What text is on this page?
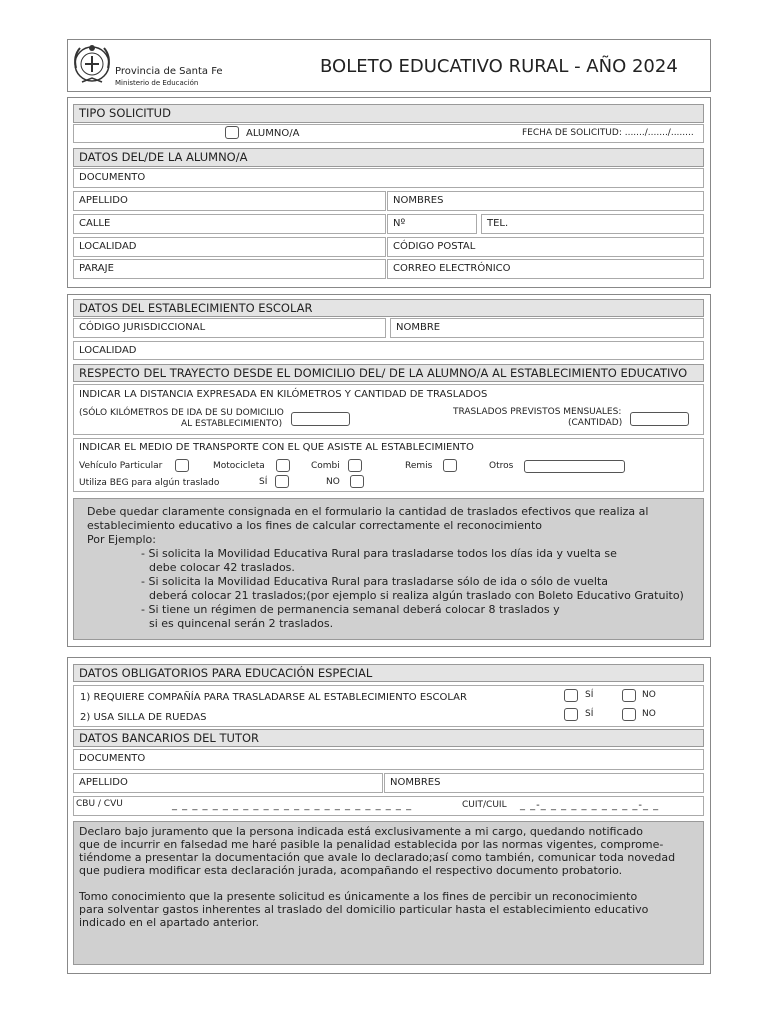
Provincia de Santa Fe
Ministerio de Educación
BOLETO EDUCATIVO RURAL - AÑO 2024
TIPO SOLICITUD
ALUMNO/A	FECHA DE SOLICITUD: ......./......./........
DATOS DEL/DE LA ALUMNO/A
DOCUMENTO
APELLIDO	NOMBRES
CALLE	Nº	TEL.
LOCALIDAD	CÓDIGO POSTAL
PARAJE	CORREO ELECTRÓNICO
DATOS DEL ESTABLECIMIENTO ESCOLAR
CÓDIGO JURISDICCIONAL	NOMBRE
LOCALIDAD
RESPECTO DEL TRAYECTO DESDE EL DOMICILIO DEL/ DE LA ALUMNO/A AL ESTABLECIMIENTO EDUCATIVO
INDICAR LA DISTANCIA EXPRESADA EN KILÓMETROS Y CANTIDAD DE TRASLADOS
(SÓLO KILÓMETROS DE IDA DE SU DOMICILIO
AL ESTABLECIMIENTO)
TRASLADOS PREVISTOS MENSUALES:
(CANTIDAD)
INDICAR EL MEDIO DE TRANSPORTE CON EL QUE ASISTE AL ESTABLECIMIENTO
Vehículo Particular	Motocicleta	Combi	Remis	Otros
Utiliza BEG para algún traslado	SÍ	NO

Debe quedar claramente consignada en el formulario la cantidad de traslados efectivos que realiza al

establecimiento educativo a los fines de calcular correctamente el reconocimiento

Por Ejemplo:

- Si solicita la Movilidad Educativa Rural para trasladarse todos los días ida y vuelta se

debe colocar 42 traslados.

- Si solicita la Movilidad Educativa Rural para trasladarse sólo de ida o sólo de vuelta

deberá colocar 21 traslados;(por ejemplo si realiza algún traslado con Boleto Educativo Gratuito)

- Si tiene un régimen de permanencia semanal deberá colocar 8 traslados y

si es quincenal serán 2 traslados.

DATOS OBLIGATORIOS PARA EDUCACIÓN ESPECIAL
1) REQUIERE COMPAÑÍA PARA TRASLADARSE AL ESTABLECIMIENTO ESCOLAR	SÍ	NO
2) USA SILLA DE RUEDAS	SÍ	NO
DATOS BANCARIOS DEL TUTOR
DOCUMENTO
APELLIDO	NOMBRES
CBU / CVU	_ _ _ _ _ _ _ _ _ _ _ _ _ _ _ _ _ _ _ _ _ _ _ _	CUIT/CUIL _ _-_ _ _ _ _ _ _ _ _ _-_ _

Declaro bajo juramento que la persona indicada está exclusivamente a mi cargo, quedando notificado

que de incurrir en falsedad me haré pasible la penalidad establecida por las normas vigentes, comprome-

tiéndome a presentar la documentación que avale lo declarado;así como también, comunicar toda novedad

que pudiera modificar esta declaración jurada, acompañando el respectivo documento probatorio.

Tomo conocimiento que la presente solicitud es únicamente a los fines de percibir un reconocimiento

para solventar gastos inherentes al traslado del domicilio particular hasta el establecimiento educativo

indicado en el apartado anterior.
